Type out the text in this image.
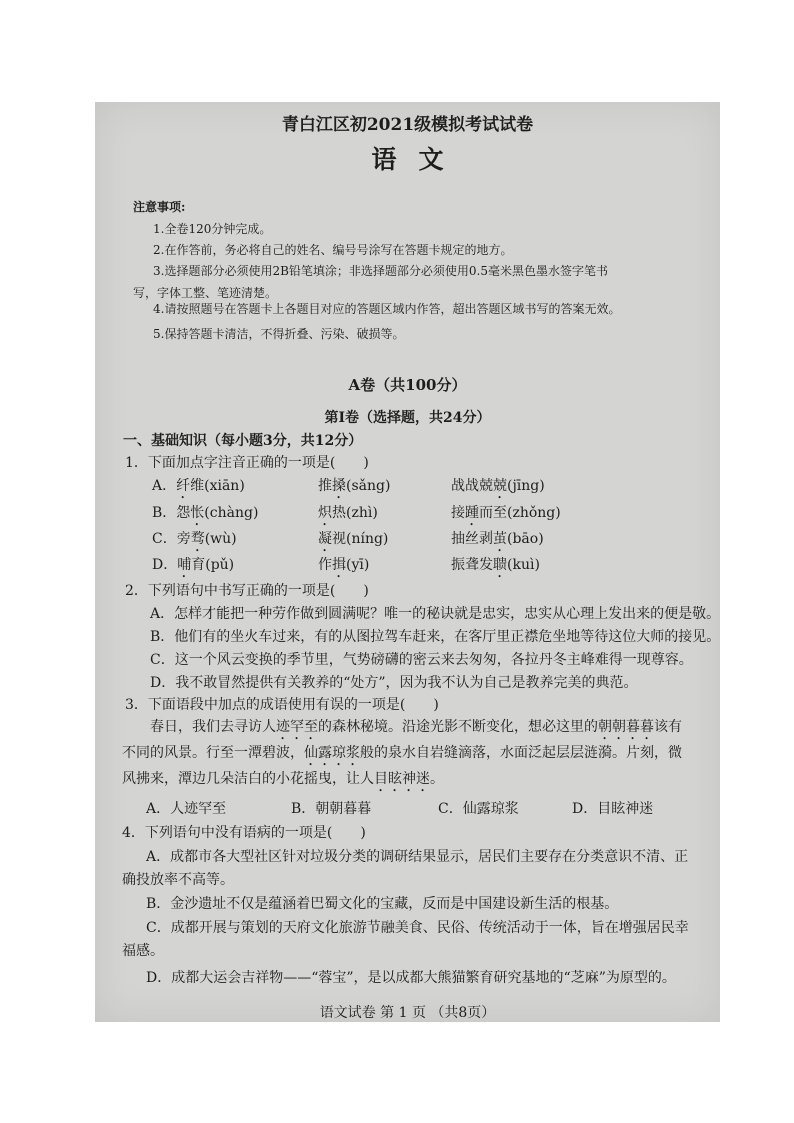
青白江区初2021级模拟考试试卷
语文
注意事项:
1.全卷120分钟完成。
2.在作答前，务必将自己的姓名、编号号涂写在答题卡规定的地方。
3.选择题部分必须使用2B铅笔填涂；非选择题部分必须使用0.5毫米黑色墨水签字笔书
写，字体工整、笔迹清楚。
4.请按照题号在答题卡上各题目对应的答题区域内作答，超出答题区域书写的答案无效。
5.保持答题卡清洁，不得折叠、污染、破损等。
A卷（共100分）
第Ⅰ卷（选择题，共24分）
一、基础知识（每小题3分，共12分）
1．下面加点字注音正确的一项是( )
A．纤维(xiān)	推搡(sǎng)	战战兢兢(jīng)
B．怨怅(chàng)	炽热(zhì)	接踵而至(zhǒng)
C．旁骛(wù)	凝视(níng)	抽丝剥茧(bāo)
D．哺育(pǔ)	作揖(yī)	振聋发聩(kuì)
2．下列语句中书写正确的一项是( )
A．怎样才能把一种劳作做到圆满呢？唯一的秘诀就是忠实，忠实从心理上发出来的便是敬。
B．他们有的坐火车过来，有的从图拉驾车赶来，在客厅里正襟危坐地等待这位大师的接见。
C．这一个风云变换的季节里，气势磅礴的密云来去匆匆，各拉丹冬主峰难得一现尊容。
D．我不敢冒然提供有关教养的“处方”，因为我不认为自己是教养完美的典范。
3．下面语段中加点的成语使用有误的一项是( )
春日，我们去寻访人迹罕至的森林秘境。沿途光影不断变化，想必这里的朝朝暮暮该有
不同的风景。行至一潭碧波，仙露琼浆般的泉水自岩缝滴落，水面泛起层层涟漪。片刻，微
风拂来，潭边几朵洁白的小花摇曳，让人目眩神迷。
A．人迹罕至	B．朝朝暮暮	C．仙露琼浆	D．目眩神迷
4．下列语句中没有语病的一项是( )
A．成都市各大型社区针对垃圾分类的调研结果显示，居民们主要存在分类意识不清、正
确投放率不高等。
B．金沙遗址不仅是蕴涵着巴蜀文化的宝藏，反而是中国建设新生活的根基。
C．成都开展与策划的天府文化旅游节融美食、民俗、传统活动于一体，旨在增强居民幸
福感。
D．成都大运会吉祥物——“蓉宝”，是以成都大熊猫繁育研究基地的“芝麻”为原型的。
语文试卷 第 1 页 （共8页）
